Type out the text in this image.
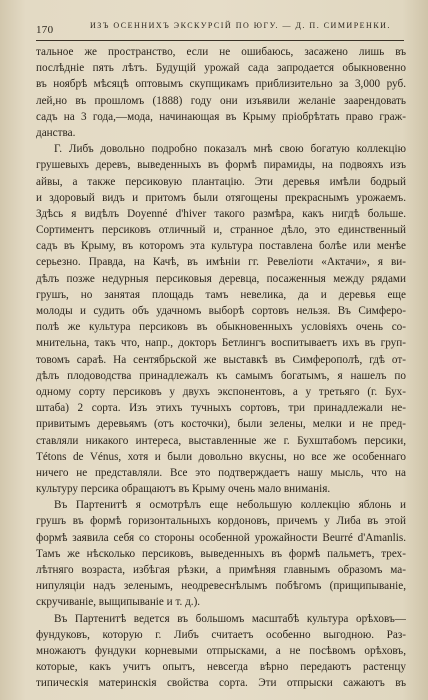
170	ИЗЪ ОСЕННИХЪ ЭКСКУРСІЙ ПО ЮГУ. — Д. П. СИМИРЕНКИ.
тальное же пространство, если не ошибаюсь, засажено лишь въ
послѣдніе пять лѣтъ. Будущій урожай сада запродается обыкновенно
въ ноябрѣ мѣсяцѣ оптовымъ скупщикамъ приблизительно за 3,000 руб.
лей,но въ прошломъ (1888) году они изъявили желаніе заарендовать
садъ на 3 года,—мода, начинающая въ Крыму пріобрѣтать право граж-
данства.
Г. Либъ довольно подробно показалъ мнѣ свою богатую коллекцію
грушевыхъ деревъ, выведенныхъ въ формѣ пирамиды, на подвояхъ изъ
айвы, а также персиковую плантацію. Эти деревья имѣли бодрый
и здоровый видъ и притомъ были отягощены прекраснымъ урожаемъ.
Здѣсь я видѣлъ Doyenné d'hiver такого размѣра, какъ нигдѣ больше.
Сортиментъ персиковъ отличный и, странное дѣло, это единственный
садъ въ Крыму, въ которомъ эта культура поставлена болѣе или менѣе
серьезно. Правда, на Качѣ, въ имѣніи гг. Ревеліоти «Актачи», я ви-
дѣлъ позже недурныя персиковыя деревца, посаженныя между рядами
грушъ, но занятая площадь тамъ невелика, да и деревья еще
молоды и судить объ удачномъ выборѣ сортовъ нельзя. Въ Симферо-
полѣ же культура персиковъ въ обыкновенныхъ условіяхъ очень со-
мнительна, такъ что, напр., докторъ Бетлингъ воспитываетъ ихъ въ груп-
товомъ сараѣ. На сентябрьской же выставкѣ въ Симферополѣ, гдѣ от-
дѣлъ плодоводства принадлежалъ къ самымъ богатымъ, я нашелъ по
одному сорту персиковъ у двухъ экспонентовъ, а у третьяго (г. Бух-
штаба) 2 сорта. Изъ этихъ тучныхъ сортовъ, три принадлежали не-
привитымъ деревьямъ (отъ косточки), были зелены, мелки и не пред-
ставляли никакого интереса, выставленные же г. Бухштабомъ персики,
Tétons de Vénus, хотя и были довольно вкусны, но все же особеннаго
ничего не представляли. Все это подтверждаетъ нашу мысль, что на
культуру персика обращаютъ въ Крыму очень мало вниманія.
Въ Партенитѣ я осмотрѣлъ еще небольшую коллекцію яблонь и
грушъ въ формѣ горизонтальныхъ кордоновъ, причемъ у Либа въ этой
формѣ заявила себя со стороны особенной урожайности Beurré d'Amanlis.
Тамъ же нѣсколько персиковъ, выведенныхъ въ формѣ пальметъ, трех-
лѣтняго возраста, избѣгая рѣзки, а примѣняя главнымъ образомъ ма-
нипуляціи надъ зеленымъ, неодревеснѣлымъ побѣгомъ (прищипываніе,
скручиваніе, выщипываніе и т. д.).
Въ Партенитѣ ведется въ большомъ масштабѣ культура орѣховъ—
фундуковъ, которую г. Либъ считаетъ особенно выгодною. Раз-
множаютъ фундуки корневыми отпрысками, а не посѣвомъ орѣховъ,
которые, какъ учитъ опытъ, невсегда вѣрно передаютъ растенцу
типическія материнскія свойства сорта. Эти отпрыски сажаютъ въ
